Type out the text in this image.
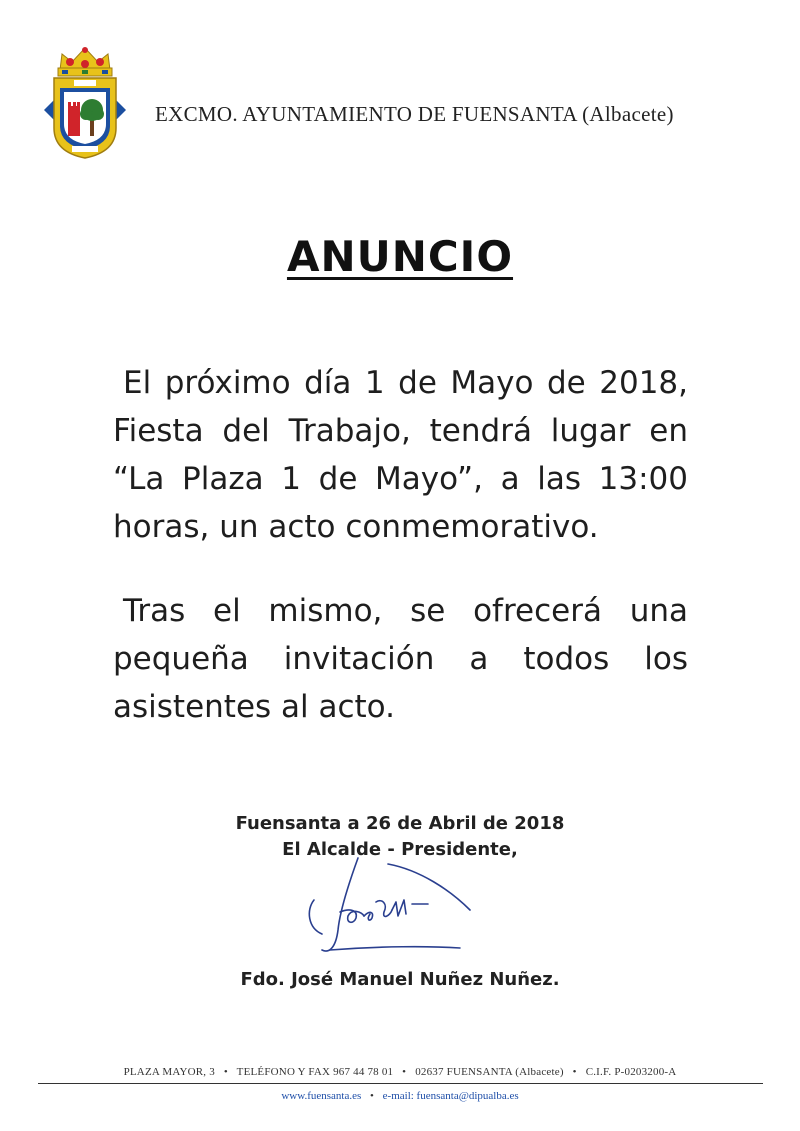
EXCMO. AYUNTAMIENTO DE FUENSANTA (Albacete)
ANUNCIO

El próximo día 1 de Mayo de 2018, Fiesta del Trabajo, tendrá lugar en “La Plaza 1 de Mayo”, a las 13:00 horas, un acto conmemorativo.

Tras el mismo, se ofrecerá una pequeña invitación a todos los asistentes al acto.

Fuensanta a 26 de Abril de 2018
El Alcalde - Presidente,
Fdo. José Manuel Nuñez Nuñez.
PLAZA MAYOR, 3 • TELÉFONO Y FAX 967 44 78 01 • 02637 FUENSANTA (Albacete) • C.I.F. P-0203200-A
www.fuensanta.es • e-mail: fuensanta@dipualba.es
